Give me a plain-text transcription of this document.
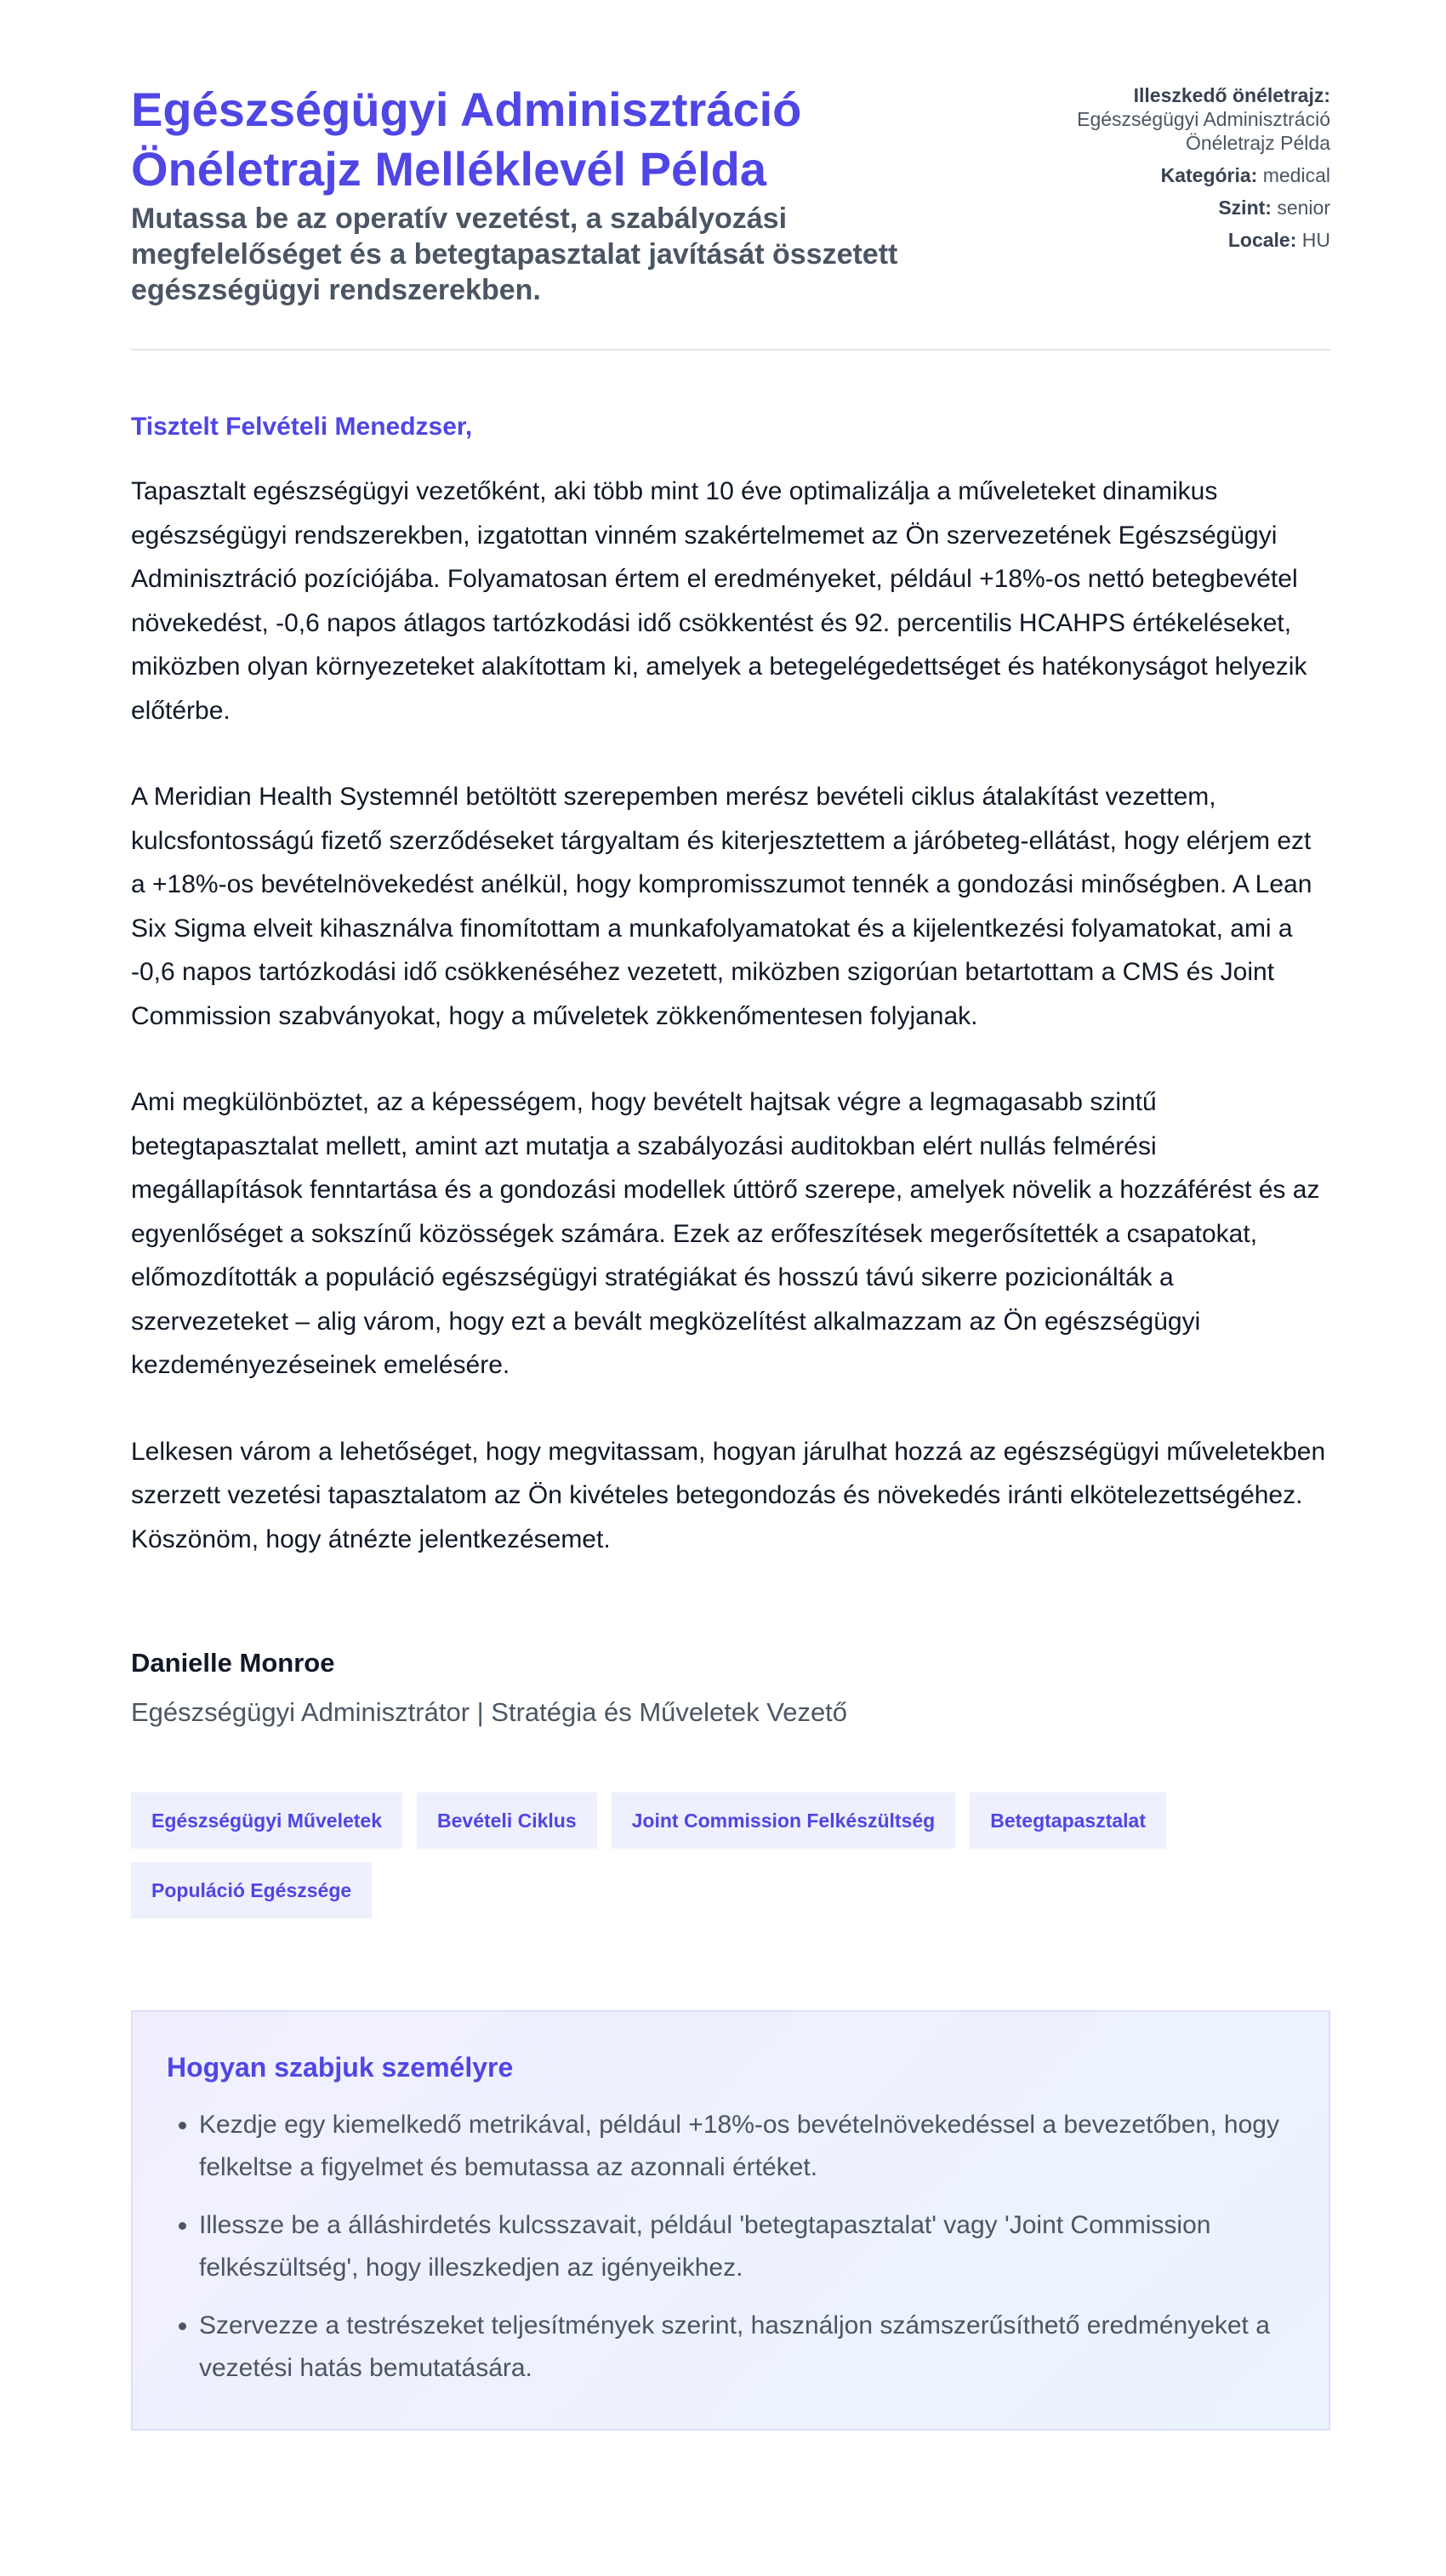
Egészségügyi Adminisztráció Önéletrajz Melléklevél Példa
Mutassa be az operatív vezetést, a szabályozási megfelelőséget és a betegtapasztalat javítását összetett egészségügyi rendszerekben.
Illeszkedő önéletrajz:
Egészségügyi Adminisztráció Önéletrajz Példa
Kategória: medical
Szint: senior
Locale: HU

Tisztelt Felvételi Menedzser,

Tapasztalt egészségügyi vezetőként, aki több mint 10 éve optimalizálja a műveleteket dinamikus egészségügyi rendszerekben, izgatottan vinném szakértelmemet az Ön szervezetének Egészségügyi Adminisztráció pozíciójába. Folyamatosan értem el eredményeket, például +18%-os nettó betegbevétel növekedést, -0,6 napos átlagos tartózkodási idő csökkentést és 92. percentilis HCAHPS értékeléseket, miközben olyan környezeteket alakítottam ki, amelyek a betegelégedettséget és hatékonyságot helyezik előtérbe.

A Meridian Health Systemnél betöltött szerepemben merész bevételi ciklus átalakítást vezettem, kulcsfontosságú fizető szerződéseket tárgyaltam és kiterjesztettem a járóbeteg-ellátást, hogy elérjem ezt a +18%-os bevételnövekedést anélkül, hogy kompromisszumot tennék a gondozási minőségben. A Lean Six Sigma elveit kihasználva finomítottam a munkafolyamatokat és a kijelentkezési folyamatokat, ami a -0,6 napos tartózkodási idő csökkenéséhez vezetett, miközben szigorúan betartottam a CMS és Joint Commission szabványokat, hogy a műveletek zökkenőmentesen folyjanak.

Ami megkülönböztet, az a képességem, hogy bevételt hajtsak végre a legmagasabb szintű betegtapasztalat mellett, amint azt mutatja a szabályozási auditokban elért nullás felmérési megállapítások fenntartása és a gondozási modellek úttörő szerepe, amelyek növelik a hozzáférést és az egyenlőséget a sokszínű közösségek számára. Ezek az erőfeszítések megerősítették a csapatokat, előmozdították a populáció egészségügyi stratégiákat és hosszú távú sikerre pozicionálták a szervezeteket – alig várom, hogy ezt a bevált megközelítést alkalmazzam az Ön egészségügyi kezdeményezéseinek emelésére.

Lelkesen várom a lehetőséget, hogy megvitassam, hogyan járulhat hozzá az egészségügyi műveletekben szerzett vezetési tapasztalatom az Ön kivételes betegondozás és növekedés iránti elkötelezettségéhez. Köszönöm, hogy átnézte jelentkezésemet.

Danielle Monroe
Egészségügyi Adminisztrátor | Stratégia és Műveletek Vezető
Egészségügyi Műveletek	Bevételi Ciklus	Joint Commission Felkészültség	Betegtapasztalat
Populáció Egészsége
Hogyan szabjuk személyre
• Kezdje egy kiemelkedő metrikával, például +18%-os bevételnövekedéssel a bevezetőben, hogy felkeltse a figyelmet és bemutassa az azonnali értéket.
• Illessze be a álláshirdetés kulcsszavait, például 'betegtapasztalat' vagy 'Joint Commission felkészültség', hogy illeszkedjen az igényeikhez.
• Szervezze a testrészeket teljesítmények szerint, használjon számszerűsíthető eredményeket a vezetési hatás bemutatására.
